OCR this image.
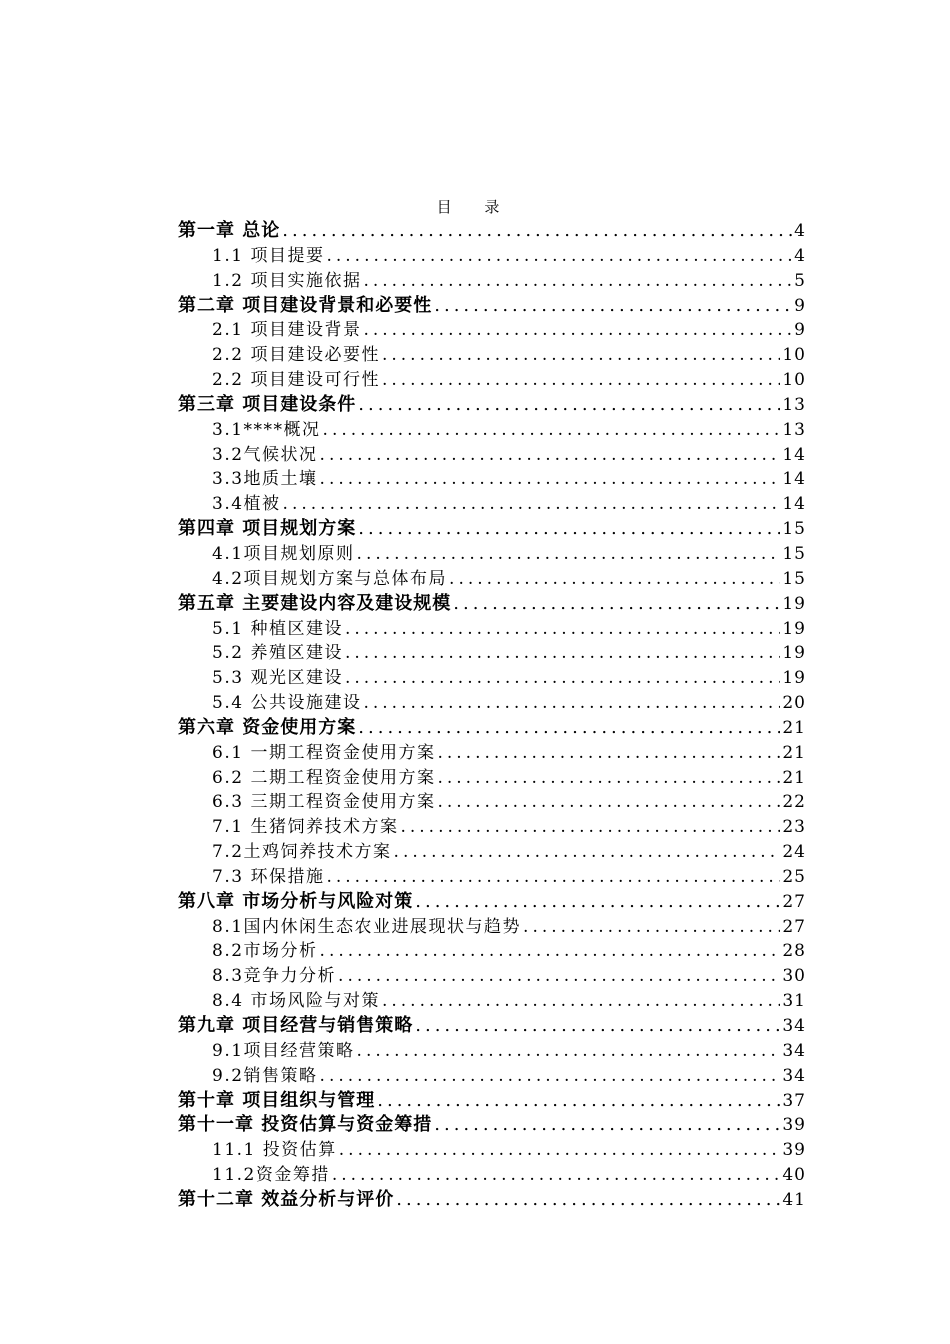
目 录
第一章 总论 .....	4
1.1 项目提要 .....	4
1.2 项目实施依据 .....	5
第二章 项目建设背景和必要性 .....	9
2.1 项目建设背景 .....	9
2.2 项目建设必要性 .....	10
2.2 项目建设可行性 .....	10
第三章 项目建设条件 .....	13
3.1****概况 .....	13
3.2气候状况 .....	14
3.3地质土壤 .....	14
3.4植被 .....	14
第四章 项目规划方案 .....	15
4.1项目规划原则 .....	15
4.2项目规划方案与总体布局 .....	15
第五章 主要建设内容及建设规模 .....	19
5.1 种植区建设 .....	19
5.2 养殖区建设 .....	19
5.3 观光区建设 .....	19
5.4 公共设施建设 .....	20
第六章 资金使用方案 .....	21
6.1 一期工程资金使用方案 .....	21
6.2 二期工程资金使用方案 .....	21
6.3 三期工程资金使用方案 .....	22
7.1 生猪饲养技术方案 .....	23
7.2土鸡饲养技术方案 .....	24
7.3 环保措施 .....	25
第八章 市场分析与风险对策 .....	27
8.1国内休闲生态农业进展现状与趋势 .....	27
8.2市场分析 .....	28
8.3竞争力分析 .....	30
8.4 市场风险与对策 .....	31
第九章 项目经营与销售策略 .....	34
9.1项目经营策略 .....	34
9.2销售策略 .....	34
第十章 项目组织与管理 .....	37
第十一章 投资估算与资金筹措 .....	39
11.1 投资估算 .....	39
11.2资金筹措 .....	40
第十二章 效益分析与评价 .....	41
